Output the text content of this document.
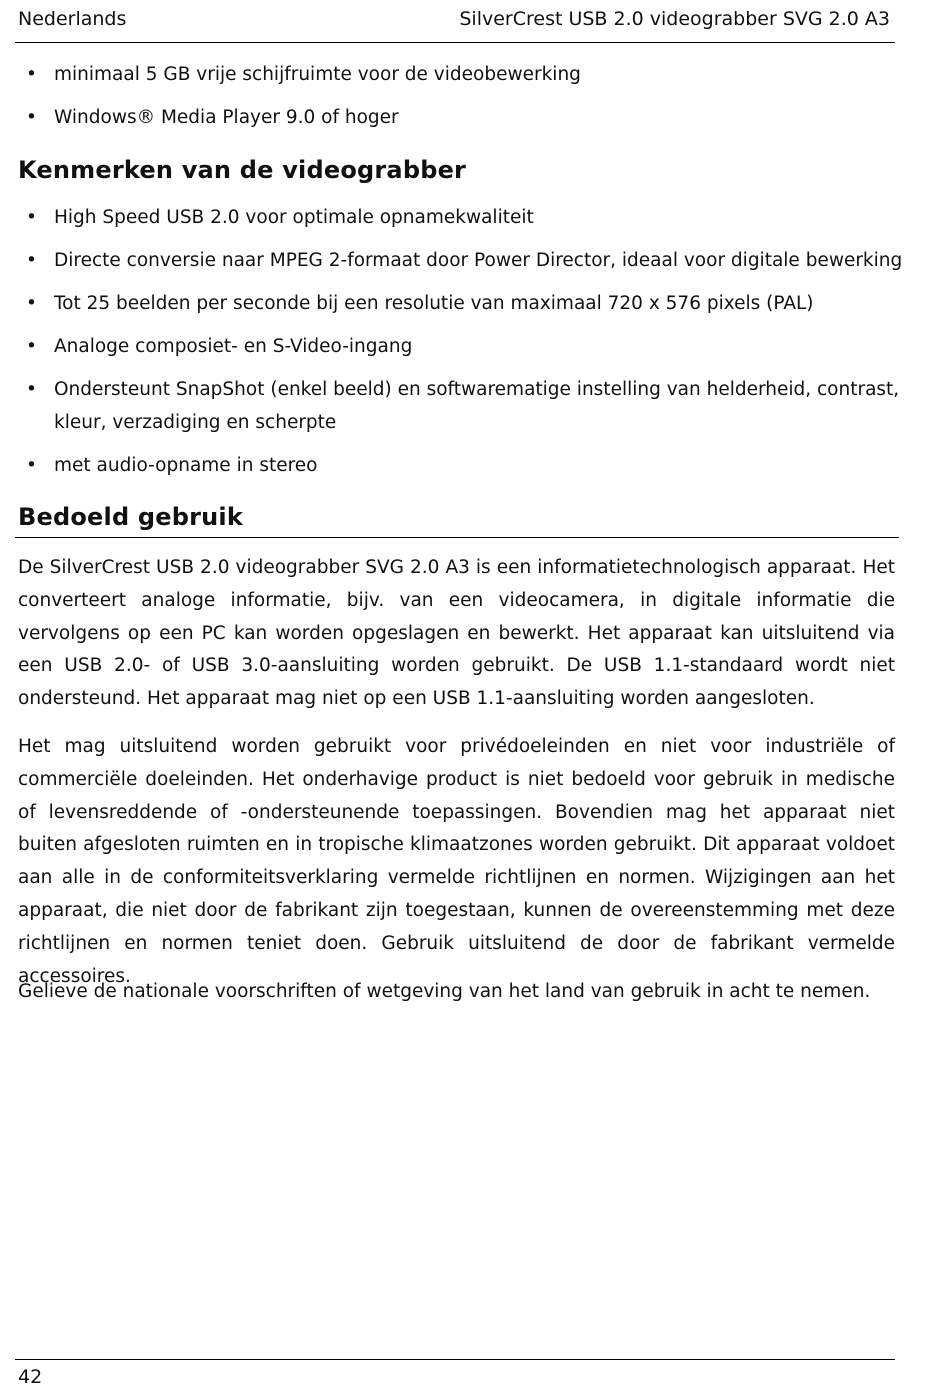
Nederlands	SilverCrest USB 2.0 videograbber SVG 2.0 A3
• minimaal 5 GB vrije schijfruimte voor de videobewerking
• Windows® Media Player 9.0 of hoger
Kenmerken van de videograbber
• High Speed USB 2.0 voor optimale opnamekwaliteit
• Directe conversie naar MPEG 2-formaat door Power Director, ideaal voor digitale bewerking
• Tot 25 beelden per seconde bij een resolutie van maximaal 720 x 576 pixels (PAL)
• Analoge composiet- en S-Video-ingang
• Ondersteunt SnapShot (enkel beeld) en softwarematige instelling van helderheid, contrast, kleur, verzadiging en scherpte
• met audio-opname in stereo
Bedoeld gebruik

De SilverCrest USB 2.0 videograbber SVG 2.0 A3 is een informatietechnologisch apparaat. Het converteert analoge informatie, bijv. van een videocamera, in digitale informatie die vervolgens op een PC kan worden opgeslagen en bewerkt. Het apparaat kan uitsluitend via een USB 2.0- of USB 3.0-aansluiting worden gebruikt. De USB 1.1-standaard wordt niet ondersteund. Het apparaat mag niet op een USB 1.1-aansluiting worden aangesloten.

Het mag uitsluitend worden gebruikt voor privédoeleinden en niet voor industriële of commerciële doeleinden. Het onderhavige product is niet bedoeld voor gebruik in medische of levensreddende of -ondersteunende toepassingen. Bovendien mag het apparaat niet buiten afgesloten ruimten en in tropische klimaatzones worden gebruikt. Dit apparaat voldoet aan alle in de conformiteitsverklaring vermelde richtlijnen en normen. Wijzigingen aan het apparaat, die niet door de fabrikant zijn toegestaan, kunnen de overeenstemming met deze richtlijnen en normen teniet doen. Gebruik uitsluitend de door de fabrikant vermelde accessoires.

Gelieve de nationale voorschriften of wetgeving van het land van gebruik in acht te nemen.

42
